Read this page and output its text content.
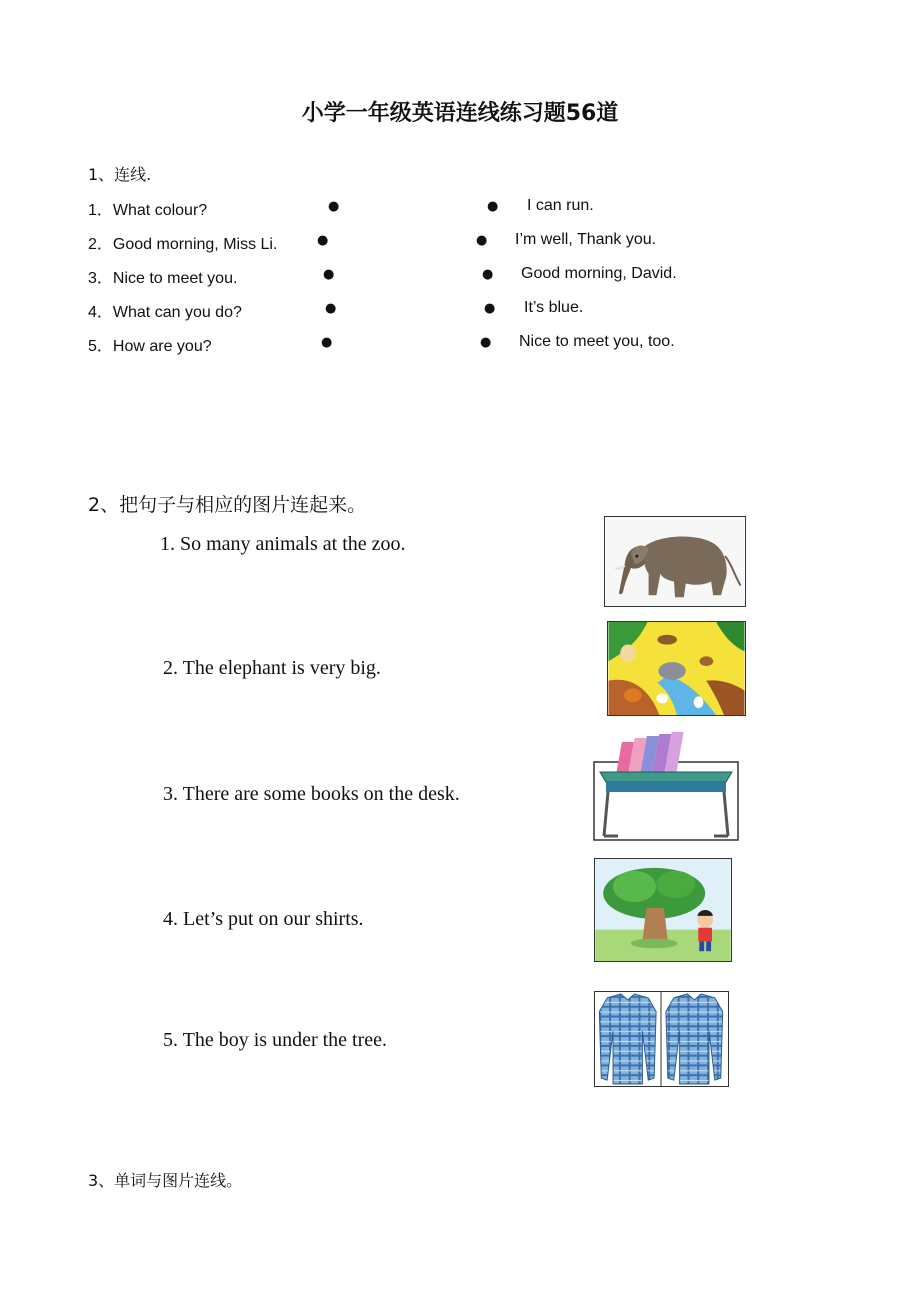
小学一年级英语连线练习题56道
1、连线.
1．What colour?
2．Good morning, Miss Li.
3．Nice to meet you.
4．What can you do?
5．How are you?
●
●
●
●
●
●
●
●
●
●
I can run.
I’m well, Thank you.
Good morning, David.
It’s blue.
Nice to meet you, too.
2、把句子与相应的图片连起来。
1. So many animals at the zoo.
2. The elephant is very big.
3. There are some books on the desk.
4. Let’s put on our shirts.
5. The boy is under the tree.
3、单词与图片连线。
